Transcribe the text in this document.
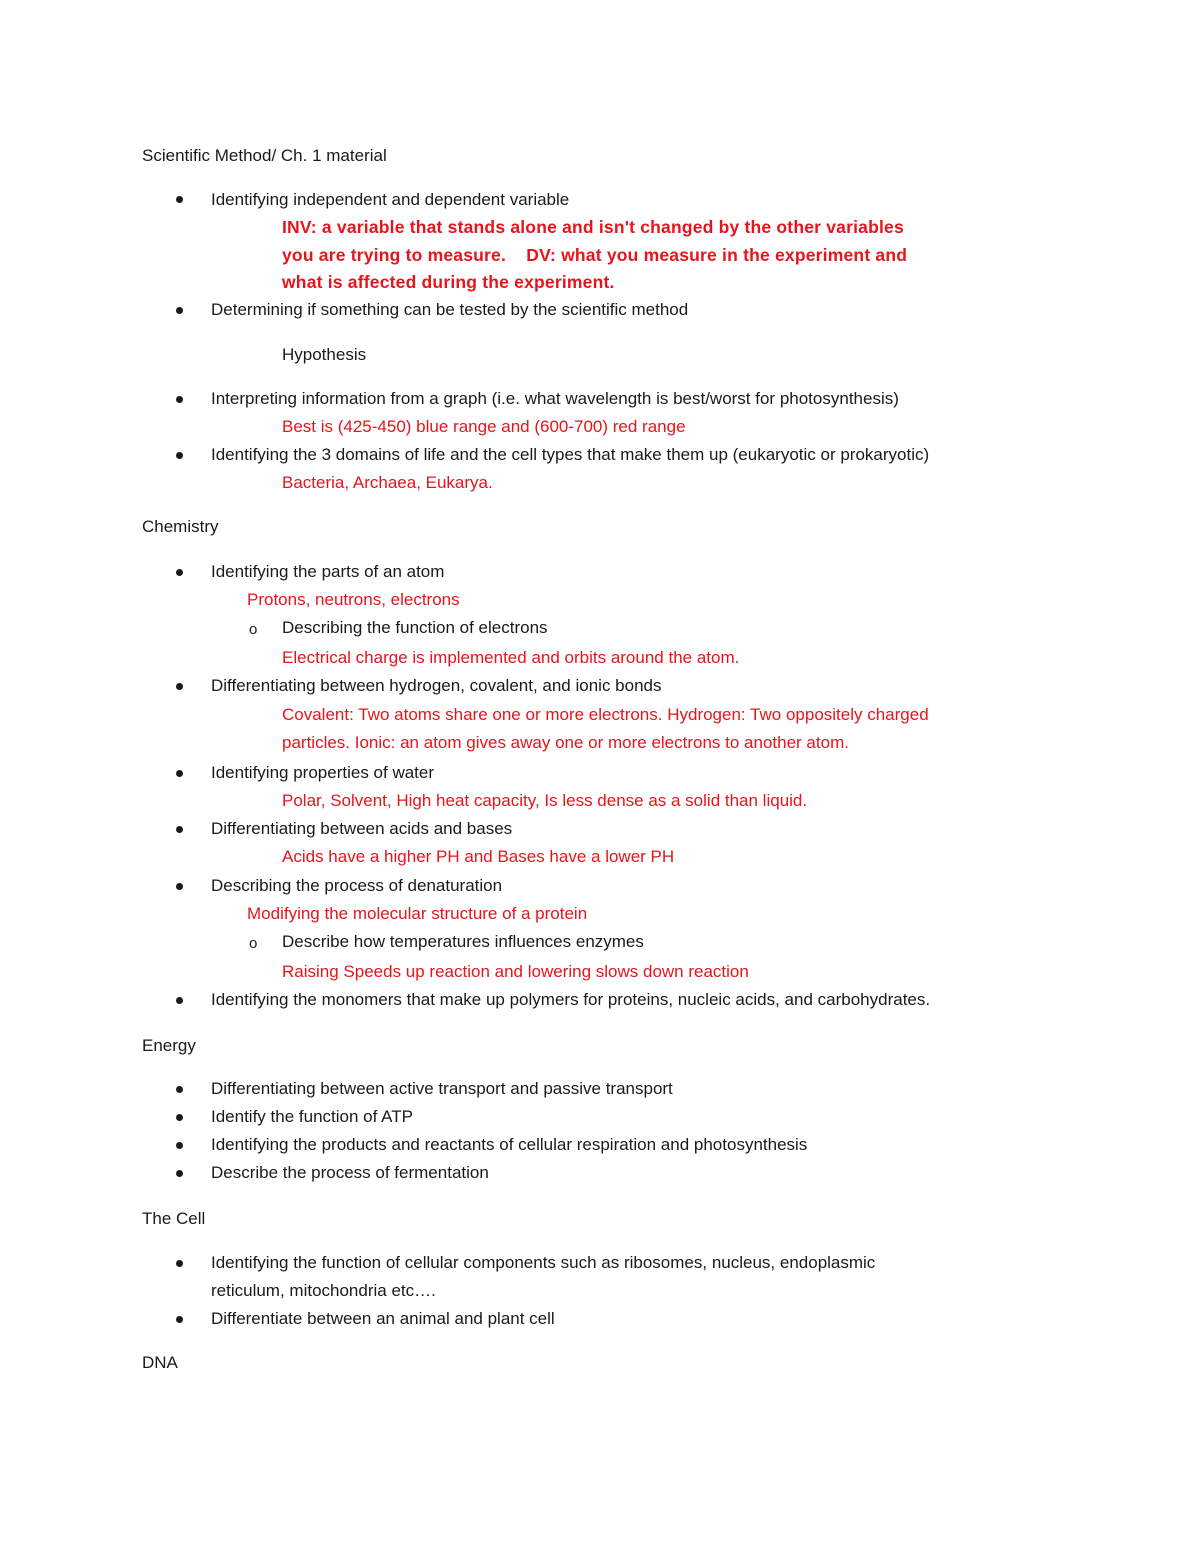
Scientific Method/ Ch. 1 material
Identifying independent and dependent variable
INV: a variable that stands alone and isn't changed by the other variables
you are trying to measure.    DV: what you measure in the experiment and
what is affected during the experiment.
Determining if something can be tested by the scientific method
Hypothesis
Interpreting information from a graph (i.e. what wavelength is best/worst for photosynthesis)
Best is (425-450) blue range and (600-700) red range
Identifying the 3 domains of life and the cell types that make them up (eukaryotic or prokaryotic)
Bacteria, Archaea, Eukarya.
Chemistry
Identifying the parts of an atom
Protons, neutrons, electrons
o Describing the function of electrons
Electrical charge is implemented and orbits around the atom.
Differentiating between hydrogen, covalent, and ionic bonds
Covalent: Two atoms share one or more electrons. Hydrogen: Two oppositely charged
particles. Ionic: an atom gives away one or more electrons to another atom.
Identifying properties of water
Polar, Solvent, High heat capacity, Is less dense as a solid than liquid.
Differentiating between acids and bases
Acids have a higher PH and Bases have a lower PH
Describing the process of denaturation
Modifying the molecular structure of a protein
o Describe how temperatures influences enzymes
Raising Speeds up reaction and lowering slows down reaction
Identifying the monomers that make up polymers for proteins, nucleic acids, and carbohydrates.
Energy
Differentiating between active transport and passive transport
Identify the function of ATP
Identifying the products and reactants of cellular respiration and photosynthesis
Describe the process of fermentation
The Cell
Identifying the function of cellular components such as ribosomes, nucleus, endoplasmic
reticulum, mitochondria etc….
Differentiate between an animal and plant cell
DNA
